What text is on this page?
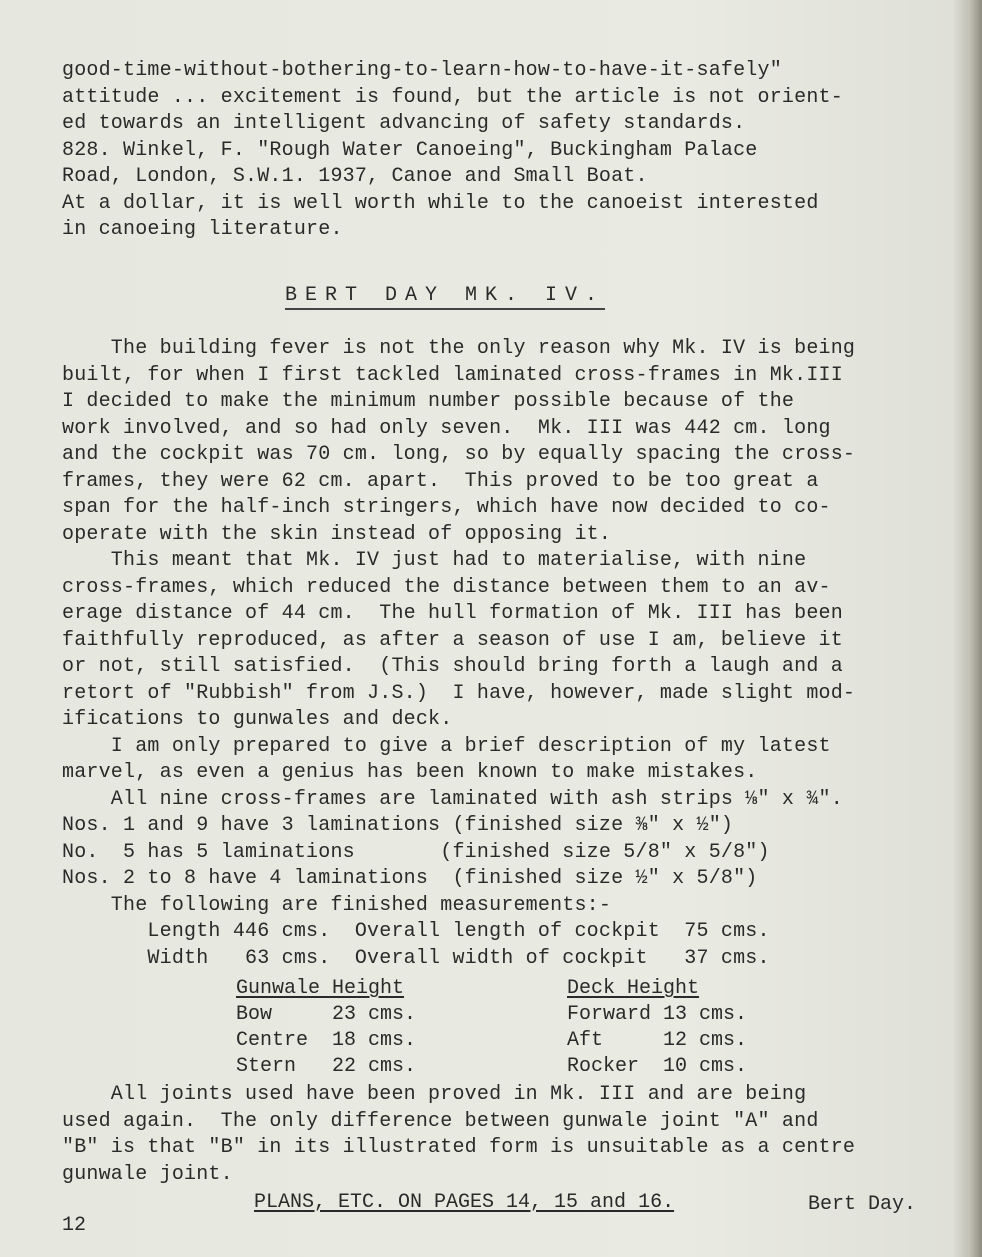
good-time-without-bothering-to-learn-how-to-have-it-safely"
attitude ... excitement is found, but the article is not orient-
ed towards an intelligent advancing of safety standards.
828. Winkel, F. "Rough Water Canoeing", Buckingham Palace
Road, London, S.W.1. 1937, Canoe and Small Boat.
At a dollar, it is well worth while to the canoeist interested
in canoeing literature.
BERT DAY MK. IV.
The building fever is not the only reason why Mk. IV is being
built, for when I first tackled laminated cross-frames in Mk.III
I decided to make the minimum number possible because of the
work involved, and so had only seven.  Mk. III was 442 cm. long
and the cockpit was 70 cm. long, so by equally spacing the cross-
frames, they were 62 cm. apart.  This proved to be too great a
span for the half-inch stringers, which have now decided to co-
operate with the skin instead of opposing it.
This meant that Mk. IV just had to materialise, with nine
cross-frames, which reduced the distance between them to an av-
erage distance of 44 cm.  The hull formation of Mk. III has been
faithfully reproduced, as after a season of use I am, believe it
or not, still satisfied.  (This should bring forth a laugh and a
retort of "Rubbish" from J.S.)  I have, however, made slight mod-
ifications to gunwales and deck.
I am only prepared to give a brief description of my latest
marvel, as even a genius has been known to make mistakes.
All nine cross-frames are laminated with ash strips ⅛" x ¾".
Nos. 1 and 9 have 3 laminations (finished size ⅜" x ½")
No.  5 has 5 laminations       (finished size 5/8" x 5/8")
Nos. 2 to 8 have 4 laminations  (finished size ½" x 5/8")
The following are finished measurements:-
Length 446 cms.  Overall length of cockpit  75 cms.
Width   63 cms.  Overall width of cockpit   37 cms.
Gunwale Height
Bow     23 cms.
Centre  18 cms.
Stern   22 cms.
Deck Height
Forward 13 cms.
Aft     12 cms.
Rocker  10 cms.
All joints used have been proved in Mk. III and are being
used again.  The only difference between gunwale joint "A" and
"B" is that "B" in its illustrated form is unsuitable as a centre
gunwale joint.
PLANS, ETC. ON PAGES 14, 15 and 16.	Bert Day.
12
